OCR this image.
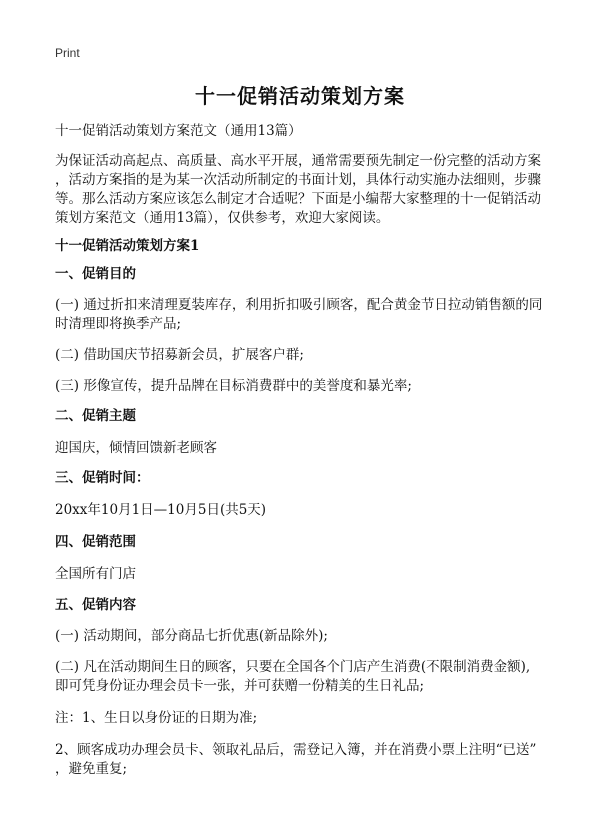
Print
十一促销活动策划方案
十一促销活动策划方案范文（通用13篇）
为保证活动高起点、高质量、高水平开展，通常需要预先制定一份完整的活动方案
，活动方案指的是为某一次活动所制定的书面计划，具体行动实施办法细则，步骤
等。那么活动方案应该怎么制定才合适呢？下面是小编帮大家整理的十一促销活动
策划方案范文（通用13篇），仅供参考，欢迎大家阅读。
十一促销活动策划方案1
一、促销目的
(一) 通过折扣来清理夏装库存，利用折扣吸引顾客，配合黄金节日拉动销售额的同
时清理即将换季产品;
(二) 借助国庆节招募新会员，扩展客户群;
(三) 形像宣传，提升品牌在目标消费群中的美誉度和暴光率;
二、促销主题
迎国庆，倾情回馈新老顾客
三、促销时间：
20xx年10月1日—10月5日(共5天)
四、促销范围
全国所有门店
五、促销内容
(一) 活动期间，部分商品七折优惠(新品除外);
(二) 凡在活动期间生日的顾客，只要在全国各个门店产生消费(不限制消费金额),
即可凭身份证办理会员卡一张，并可获赠一份精美的生日礼品;
注：1、生日以身份证的日期为准;
2、顾客成功办理会员卡、领取礼品后，需登记入簿，并在消费小票上注明“已送”
，避免重复;
